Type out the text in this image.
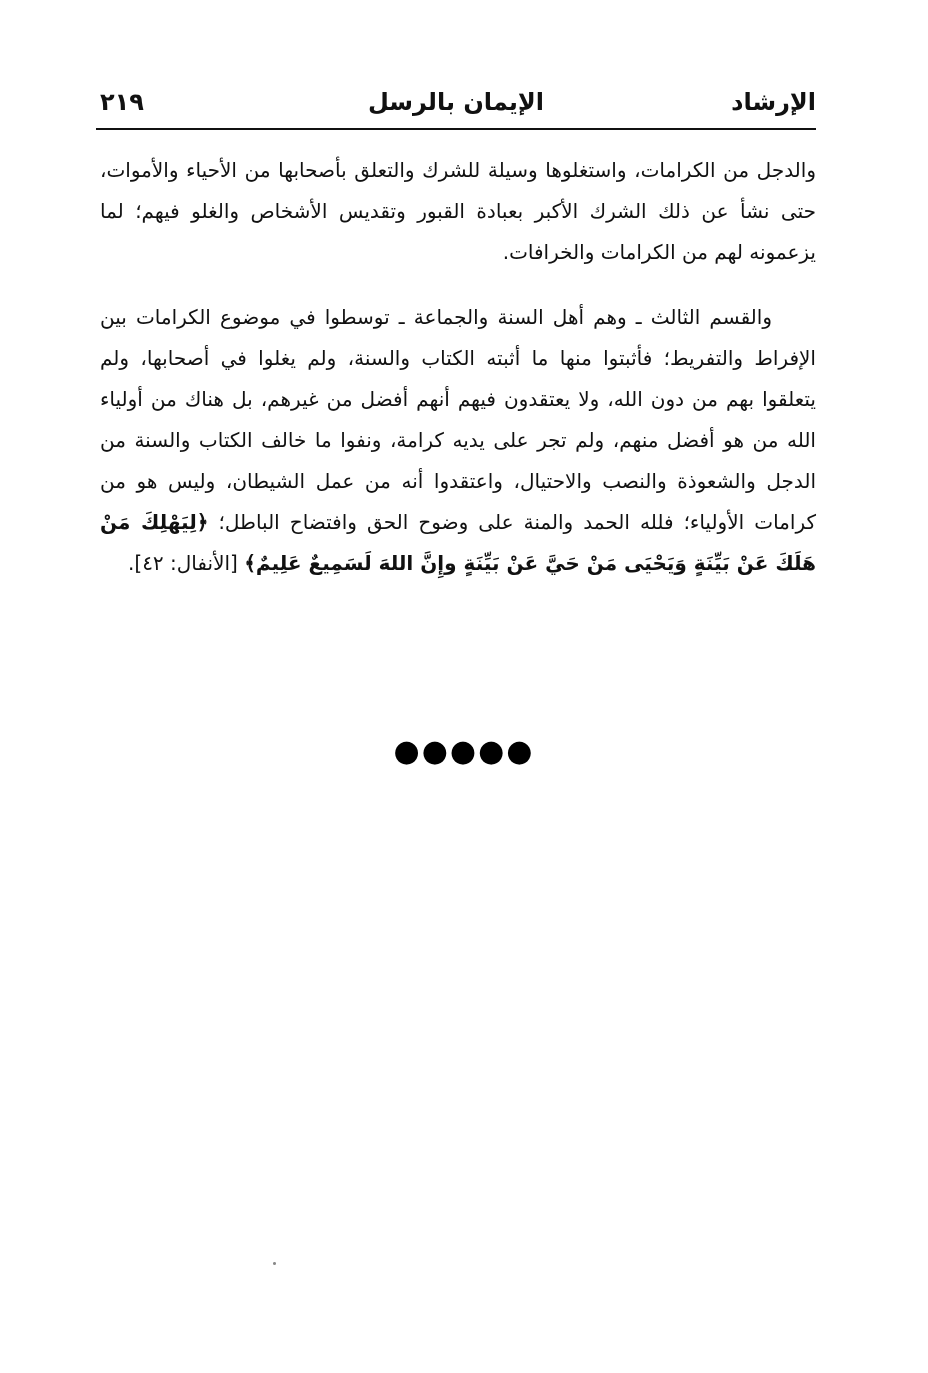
الإرشاد
الإيمان بالرسل
٢١٩

والدجل من الكرامات، واستغلوها وسيلة للشرك والتعلق بأصحابها من الأحياء والأموات، حتى نشأ عن ذلك الشرك الأكبر بعبادة القبور وتقديس الأشخاص والغلو فيهم؛ لما يزعمونه لهم من الكرامات والخرافات.

والقسم الثالث ـ وهم أهل السنة والجماعة ـ توسطوا في موضوع الكرامات بين الإفراط والتفريط؛ فأثبتوا منها ما أثبته الكتاب والسنة، ولم يغلوا في أصحابها، ولم يتعلقوا بهم من دون الله، ولا يعتقدون فيهم أنهم أفضل من غيرهم، بل هناك من أولياء الله من هو أفضل منهم، ولم تجر على يديه كرامة، ونفوا ما خالف الكتاب والسنة من الدجل والشعوذة والنصب والاحتيال، واعتقدوا أنه من عمل الشيطان، وليس هو من كرامات الأولياء؛ فلله الحمد والمنة على وضوح الحق وافتضاح الباطل؛ ﴿لِيَهْلِكَ مَنْ هَلَكَ عَنْ بَيِّنَةٍ وَيَحْيَى مَنْ حَيَّ عَنْ بَيِّنَةٍ وإِنَّ اللهَ لَسَمِيعٌ عَلِيمٌ﴾ [الأنفال: ٤٢].

●●●●●
